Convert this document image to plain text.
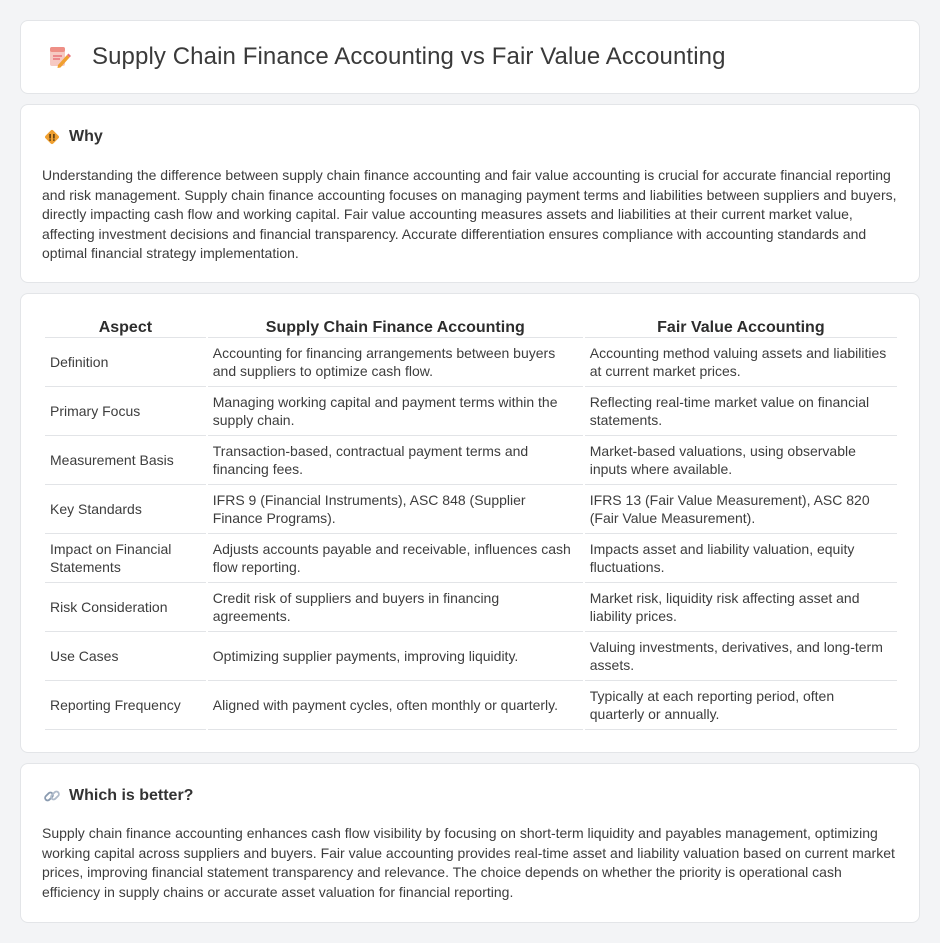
Supply Chain Finance Accounting vs Fair Value Accounting
Why

Understanding the difference between supply chain finance accounting and fair value accounting is crucial for accurate financial reporting and risk management. Supply chain finance accounting focuses on managing payment terms and liabilities between suppliers and buyers, directly impacting cash flow and working capital. Fair value accounting measures assets and liabilities at their current market value, affecting investment decisions and financial transparency. Accurate differentiation ensures compliance with accounting standards and optimal financial strategy implementation.

Aspect	Supply Chain Finance Accounting	Fair Value Accounting
Definition	Accounting for financing arrangements between buyers and suppliers to optimize cash flow.	Accounting method valuing assets and liabilities at current market prices.
Primary Focus	Managing working capital and payment terms within the supply chain.	Reflecting real-time market value on financial statements.
Measurement Basis	Transaction-based, contractual payment terms and financing fees.	Market-based valuations, using observable inputs where available.
Key Standards	IFRS 9 (Financial Instruments), ASC 848 (Supplier Finance Programs).	IFRS 13 (Fair Value Measurement), ASC 820 (Fair Value Measurement).
Impact on Financial Statements	Adjusts accounts payable and receivable, influences cash flow reporting.	Impacts asset and liability valuation, equity fluctuations.
Risk Consideration	Credit risk of suppliers and buyers in financing agreements.	Market risk, liquidity risk affecting asset and liability prices.
Use Cases	Optimizing supplier payments, improving liquidity.	Valuing investments, derivatives, and long-term assets.
Reporting Frequency	Aligned with payment cycles, often monthly or quarterly.	Typically at each reporting period, often quarterly or annually.
Which is better?

Supply chain finance accounting enhances cash flow visibility by focusing on short-term liquidity and payables management, optimizing working capital across suppliers and buyers. Fair value accounting provides real-time asset and liability valuation based on current market prices, improving financial statement transparency and relevance. The choice depends on whether the priority is operational cash efficiency in supply chains or accurate asset valuation for financial reporting.
